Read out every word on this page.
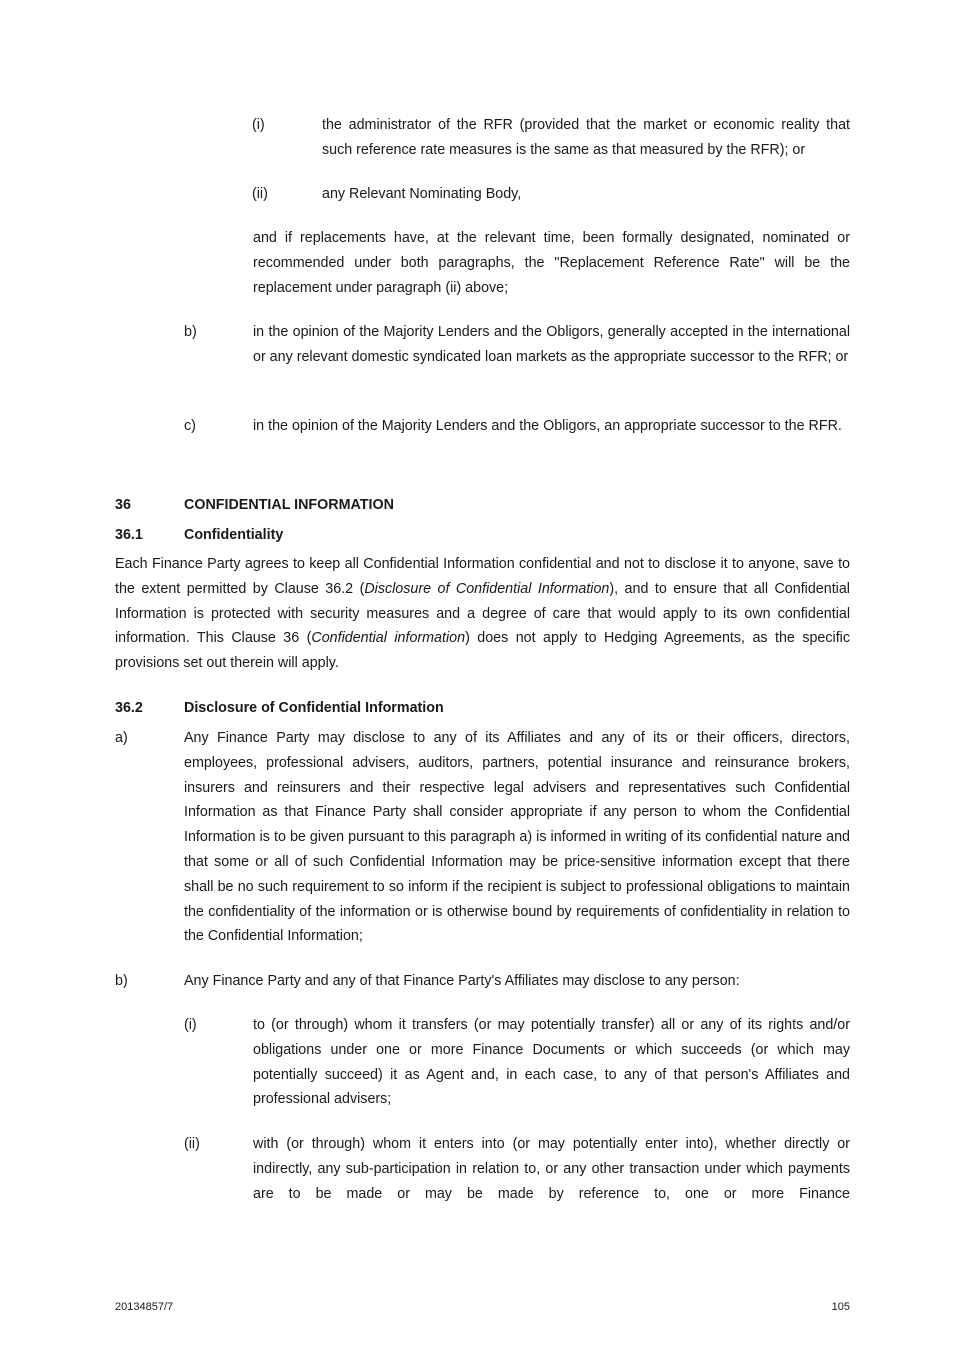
(i)	the administrator of the RFR (provided that the market or economic reality that such reference rate measures is the same as that measured by the RFR); or
(ii)	any Relevant Nominating Body,
and if replacements have, at the relevant time, been formally designated, nominated or recommended under both paragraphs, the "Replacement Reference Rate" will be the replacement under paragraph (ii) above;
b)	in the opinion of the Majority Lenders and the Obligors, generally accepted in the international or any relevant domestic syndicated loan markets as the appropriate successor to the RFR; or
c)	in the opinion of the Majority Lenders and the Obligors, an appropriate successor to the RFR.
36	CONFIDENTIAL INFORMATION
36.1	Confidentiality
Each Finance Party agrees to keep all Confidential Information confidential and not to disclose it to anyone, save to the extent permitted by Clause 36.2 (Disclosure of Confidential Information), and to ensure that all Confidential Information is protected with security measures and a degree of care that would apply to its own confidential information. This Clause 36 (Confidential information) does not apply to Hedging Agreements, as the specific provisions set out therein will apply.
36.2	Disclosure of Confidential Information
a)	Any Finance Party may disclose to any of its Affiliates and any of its or their officers, directors, employees, professional advisers, auditors, partners, potential insurance and reinsurance brokers, insurers and reinsurers and their respective legal advisers and representatives such Confidential Information as that Finance Party shall consider appropriate if any person to whom the Confidential Information is to be given pursuant to this paragraph a) is informed in writing of its confidential nature and that some or all of such Confidential Information may be price-sensitive information except that there shall be no such requirement to so inform if the recipient is subject to professional obligations to maintain the confidentiality of the information or is otherwise bound by requirements of confidentiality in relation to the Confidential Information;
b)	Any Finance Party and any of that Finance Party's Affiliates may disclose to any person:
(i)	to (or through) whom it transfers (or may potentially transfer) all or any of its rights and/or obligations under one or more Finance Documents or which succeeds (or which may potentially succeed) it as Agent and, in each case, to any of that person's Affiliates and professional advisers;
(ii)	with (or through) whom it enters into (or may potentially enter into), whether directly or indirectly, any sub-participation in relation to, or any other transaction under which payments are to be made or may be made by reference to, one or more Finance
20134857/7	105
